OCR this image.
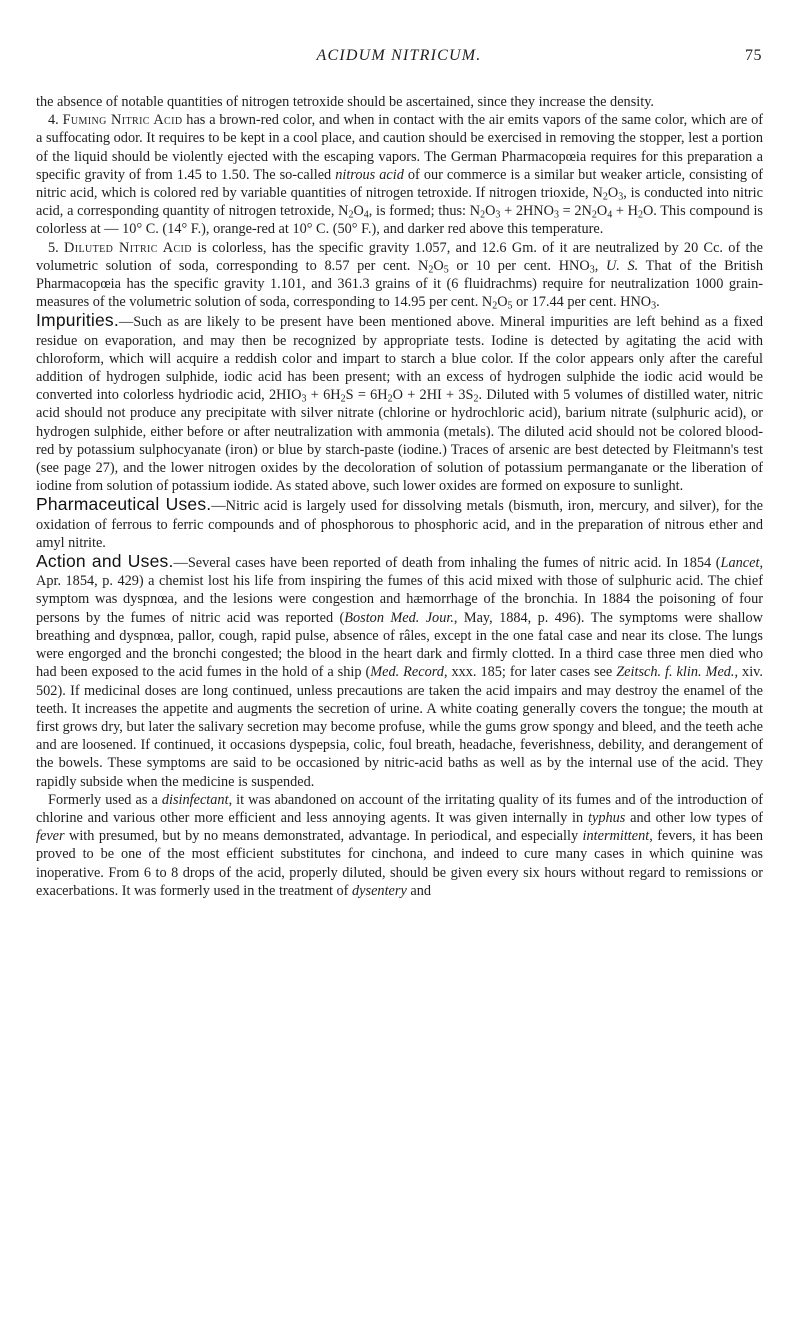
ACIDUM NITRICUM.	75

the absence of notable quantities of nitrogen tetroxide should be ascertained, since they increase the density.

4. Fuming Nitric Acid has a brown-red color, and when in contact with the air emits vapors of the same color, which are of a suffocating odor. It requires to be kept in a cool place, and caution should be exercised in removing the stopper, lest a portion of the liquid should be violently ejected with the escaping vapors. The German Pharmacopœia requires for this preparation a specific gravity of from 1.45 to 1.50. The so-called nitrous acid of our commerce is a similar but weaker article, consisting of nitric acid, which is colored red by variable quantities of nitrogen tetroxide. If nitrogen trioxide, $N_2O_3$, is conducted into nitric acid, a corresponding quantity of nitrogen tetroxide, $N_2O_4$, is formed; thus: $N_2O_3 + 2HNO_3 = 2N_2O_4 + H_2O$. This compound is colorless at — 10° C. (14° F.), orange-red at 10° C. (50° F.), and darker red above this temperature.

5. Diluted Nitric Acid is colorless, has the specific gravity 1.057, and 12.6 Gm. of it are neutralized by 20 Cc. of the volumetric solution of soda, corresponding to 8.57 per cent. $N_2O_5$ or 10 per cent. $HNO_3$, U. S. That of the British Pharmacopœia has the specific gravity 1.101, and 361.3 grains of it (6 fluidrachms) require for neutralization 1000 grain-measures of the volumetric solution of soda, corresponding to 14.95 per cent. $N_2O_5$ or 17.44 per cent. $HNO_3$.

Impurities.—Such as are likely to be present have been mentioned above. Mineral impurities are left behind as a fixed residue on evaporation, and may then be recognized by appropriate tests. Iodine is detected by agitating the acid with chloroform, which will acquire a reddish color and impart to starch a blue color. If the color appears only after the careful addition of hydrogen sulphide, iodic acid has been present; with an excess of hydrogen sulphide the iodic acid would be converted into colorless hydriodic acid, $2HIO_3 + 6H_2S = 6H_2O + 2HI + 3S_2$. Diluted with 5 volumes of distilled water, nitric acid should not produce any precipitate with silver nitrate (chlorine or hydrochloric acid), barium nitrate (sulphuric acid), or hydrogen sulphide, either before or after neutralization with ammonia (metals). The diluted acid should not be colored blood-red by potassium sulphocyanate (iron) or blue by starch-paste (iodine.) Traces of arsenic are best detected by Fleitmann's test (see page 27), and the lower nitrogen oxides by the decoloration of solution of potassium permanganate or the liberation of iodine from solution of potassium iodide. As stated above, such lower oxides are formed on exposure to sunlight.

Pharmaceutical Uses.—Nitric acid is largely used for dissolving metals (bismuth, iron, mercury, and silver), for the oxidation of ferrous to ferric compounds and of phosphorous to phosphoric acid, and in the preparation of nitrous ether and amyl nitrite.

Action and Uses.—Several cases have been reported of death from inhaling the fumes of nitric acid. In 1854 (Lancet, Apr. 1854, p. 429) a chemist lost his life from inspiring the fumes of this acid mixed with those of sulphuric acid. The chief symptom was dyspnœa, and the lesions were congestion and hæmorrhage of the bronchia. In 1884 the poisoning of four persons by the fumes of nitric acid was reported (Boston Med. Jour., May, 1884, p. 496). The symptoms were shallow breathing and dyspnœa, pallor, cough, rapid pulse, absence of râles, except in the one fatal case and near its close. The lungs were engorged and the bronchi congested; the blood in the heart dark and firmly clotted. In a third case three men died who had been exposed to the acid fumes in the hold of a ship (Med. Record, xxx. 185; for later cases see Zeitsch. f. klin. Med., xiv. 502). If medicinal doses are long continued, unless precautions are taken the acid impairs and may destroy the enamel of the teeth. It increases the appetite and augments the secretion of urine. A white coating generally covers the tongue; the mouth at first grows dry, but later the salivary secretion may become profuse, while the gums grow spongy and bleed, and the teeth ache and are loosened. If continued, it occasions dyspepsia, colic, foul breath, headache, feverishness, debility, and derangement of the bowels. These symptoms are said to be occasioned by nitric-acid baths as well as by the internal use of the acid. They rapidly subside when the medicine is suspended.

Formerly used as a disinfectant, it was abandoned on account of the irritating quality of its fumes and of the introduction of chlorine and various other more efficient and less annoying agents. It was given internally in typhus and other low types of fever with presumed, but by no means demonstrated, advantage. In periodical, and especially intermittent, fevers, it has been proved to be one of the most efficient substitutes for cinchona, and indeed to cure many cases in which quinine was inoperative. From 6 to 8 drops of the acid, properly diluted, should be given every six hours without regard to remissions or exacerbations. It was formerly used in the treatment of dysentery and
